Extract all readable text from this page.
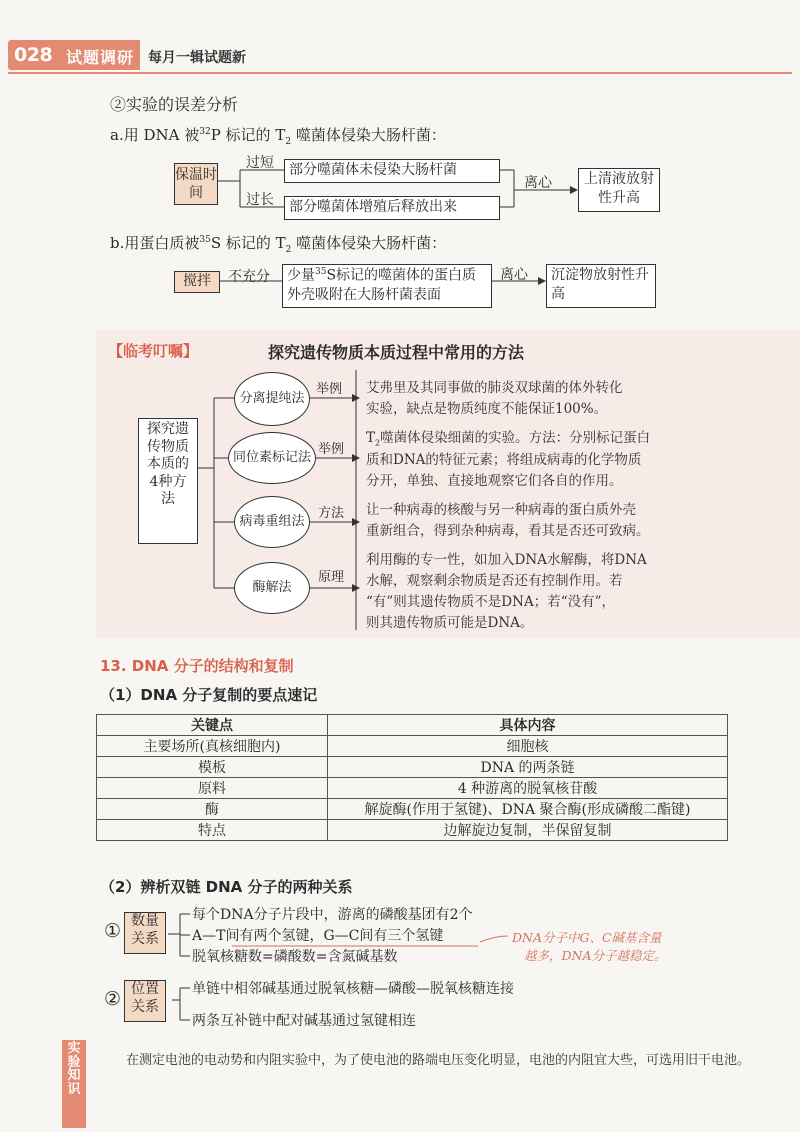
028 试题调研 每月一辑试题新
②实验的误差分析
a.用 DNA 被$^{32}$P 标记的 $T_2$ 噬菌体侵染大肠杆菌：
保温时间
过短
过长
部分噬菌体未侵染大肠杆菌
部分噬菌体增殖后释放出来
离心	上清液放射性升高
b.用蛋白质被$^{35}$S 标记的 $T_2$ 噬菌体侵染大肠杆菌：
搅拌	不充分	少量$^{35}$S标记的噬菌体的蛋白质外壳吸附在大肠杆菌表面
离心	沉淀物放射性升高
【临考叮嘱】	探究遗传物质本质过程中常用的方法
探究遗传物质本质的4种方法
分离提纯法
同位素标记法
病毒重组法
酶解法
举例
举例
方法
原理
艾弗里及其同事做的肺炎双球菌的体外转化
实验，缺点是物质纯度不能保证100%。
$T_2$噬菌体侵染细菌的实验。方法：分别标记蛋白
质和DNA的特征元素；将组成病毒的化学物质
分开，单独、直接地观察它们各自的作用。
让一种病毒的核酸与另一种病毒的蛋白质外壳
重新组合，得到杂种病毒，看其是否还可致病。
利用酶的专一性，如加入DNA水解酶，将DNA
水解，观察剩余物质是否还有控制作用。若
“有”则其遗传物质不是DNA；若“没有”，
则其遗传物质可能是DNA。
13. DNA 分子的结构和复制
（1）DNA 分子复制的要点速记
关键点	具体内容
主要场所(真核细胞内)	细胞核
模板	DNA 的两条链
原料	4 种游离的脱氧核苷酸
酶	解旋酶(作用于氢键)、DNA 聚合酶(形成磷酸二酯键)
特点	边解旋边复制，半保留复制
（2）辨析双链 DNA 分子的两种关系
① 数量关系
每个DNA分子片段中，游离的磷酸基团有2个
A—T间有两个氢键，G—C间有三个氢键
脱氧核糖数=磷酸数=含氮碱基数
DNA分子中G、C碱基含量
越多，DNA分子越稳定。
② 位置关系
单链中相邻碱基通过脱氧核糖—磷酸—脱氧核糖连接
两条互补链中配对碱基通过氢键相连
实验知识
在测定电池的电动势和内阻实验中，为了使电池的路端电压变化明显，电池的内阻宜大些，可选用旧干电池。
